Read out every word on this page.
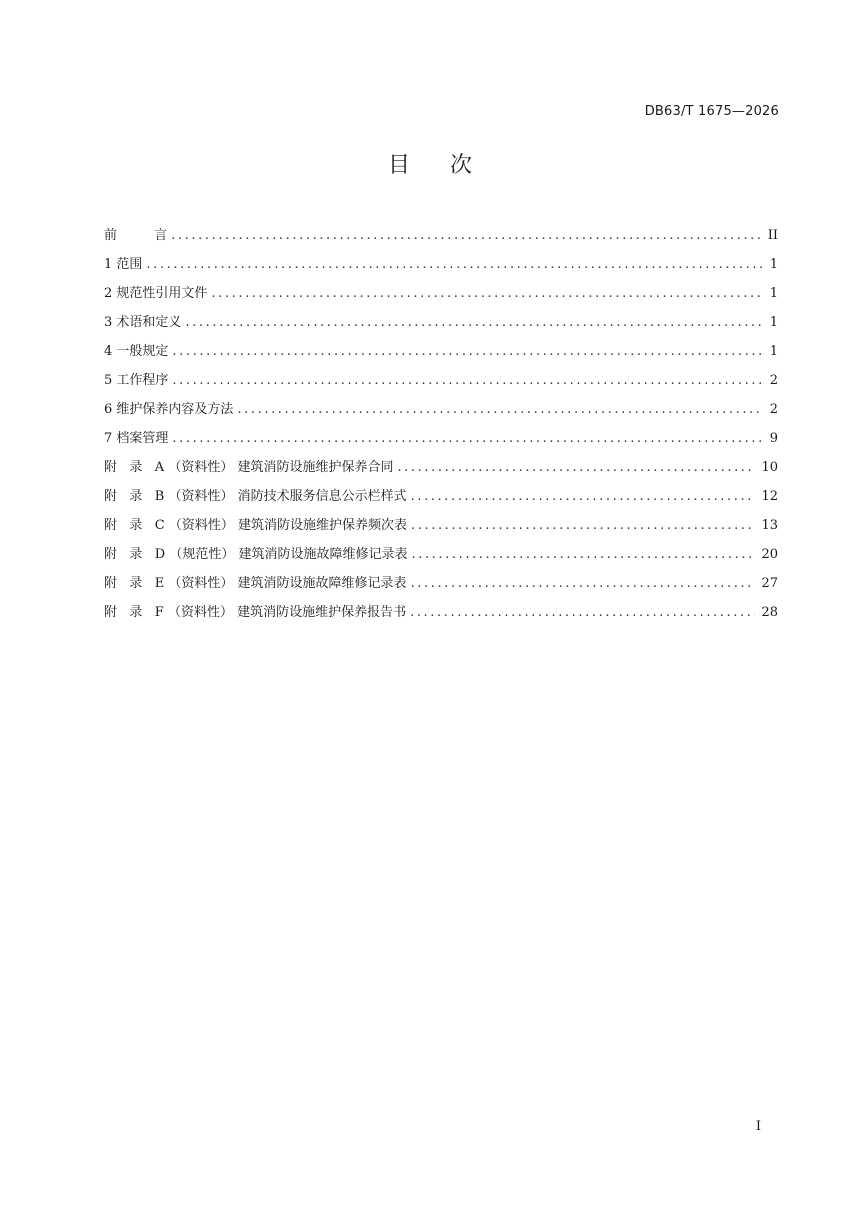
DB63/T 1675—2026
目 次
前         言 .....	II
1 范围 .....	1
2 规范性引用文件 .....	1
3 术语和定义 .....	1
4 一般规定 .....	1
5 工作程序 .....	2
6 维护保养内容及方法 .....	2
7 档案管理 .....	9
附   录   A （资料性） 建筑消防设施维护保养合同 .....	10
附   录   B （资料性） 消防技术服务信息公示栏样式 .....	12
附   录   C （资料性） 建筑消防设施维护保养频次表 .....	13
附   录   D （规范性） 建筑消防设施故障维修记录表 .....	20
附   录   E （资料性） 建筑消防设施故障维修记录表 .....	27
附   录   F （资料性） 建筑消防设施维护保养报告书 .....	28
I
